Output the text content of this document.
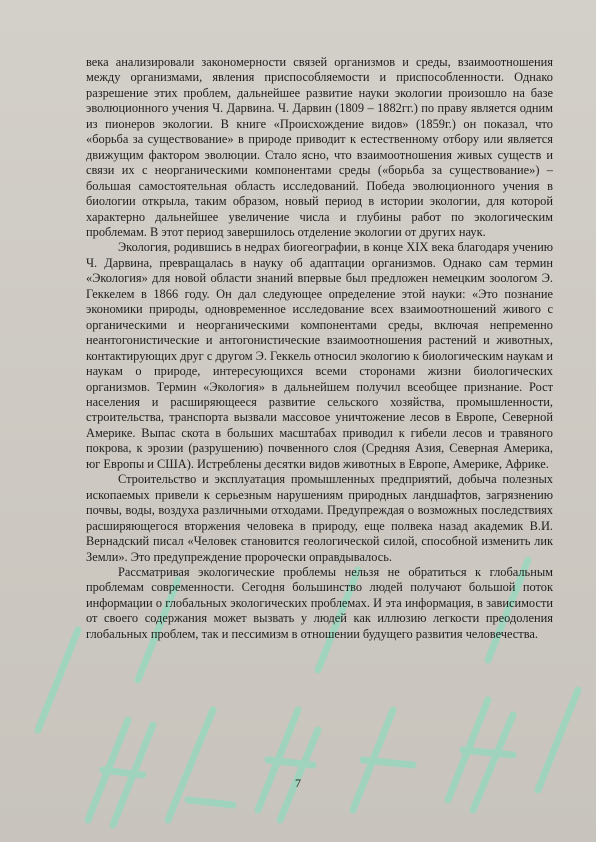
века анализировали закономерности связей организмов и среды, взаимоотношения между организмами, явления приспособляемости и приспособленности. Однако разрешение этих проблем, дальнейшее развитие науки экологии произошло на базе эволюционного учения Ч. Дарвина. Ч. Дарвин (1809 – 1882гг.) по праву является одним из пионеров экологии. В книге «Происхождение видов» (1859г.) он показал, что «борьба за существование» в природе приводит к естественному отбору или является движущим фактором эволюции. Стало ясно, что взаимоотношения живых существ и связи их с неорганическими компонентами среды («борьба за существование») – большая самостоятельная область исследований. Победа эволюционного учения в биологии открыла, таким образом, новый период в истории экологии, для которой характерно дальнейшее увеличение числа и глубины работ по экологическим проблемам. В этот период завершилось отделение экологии от других наук.

Экология, родившись в недрах биогеографии, в конце XIX века благодаря учению Ч. Дарвина, превращалась в науку об адаптации организмов. Однако сам термин «Экология» для новой области знаний впервые был предложен немецким зоологом Э. Геккелем в 1866 году. Он дал следующее определение этой науки: «Это познание экономики природы, одновременное исследование всех взаимоотношений живого с органическими и неорганическими компонентами среды, включая непременно неантогонистические и антогонистические взаимоотношения растений и животных, контактирующих друг с другом Э. Геккель относил экологию к биологическим наукам и наукам о природе, интересующихся всеми сторонами жизни биологических организмов. Термин «Экология» в дальнейшем получил всеобщее признание. Рост населения и расширяющееся развитие сельского хозяйства, промышленности, строительства, транспорта вызвали массовое уничтожение лесов в Европе, Северной Америке. Выпас скота в больших масштабах приводил к гибели лесов и травяного покрова, к эрозии (разрушению) почвенного слоя (Средняя Азия, Северная Америка, юг Европы и США). Истреблены десятки видов животных в Европе, Америке, Африке.

Строительство и эксплуатация промышленных предприятий, добыча полезных ископаемых привели к серьезным нарушениям природных ландшафтов, загрязнению почвы, воды, воздуха различными отходами. Предупреждая о возможных последствиях расширяющегося вторжения человека в природу, еще полвека назад академик В.И. Вернадский писал «Человек становится геологической силой, способной изменить лик Земли». Это предупреждение пророчески оправдывалось.

Рассматривая экологические проблемы нельзя не обратиться к глобальным проблемам современности. Сегодня большинство людей получают большой поток информации о глобальных экологических проблемах. И эта информация, в зависимости от своего содержания может вызвать у людей как иллюзию легкости преодоления глобальных проблем, так и пессимизм в отношении будущего развития человечества.

7
